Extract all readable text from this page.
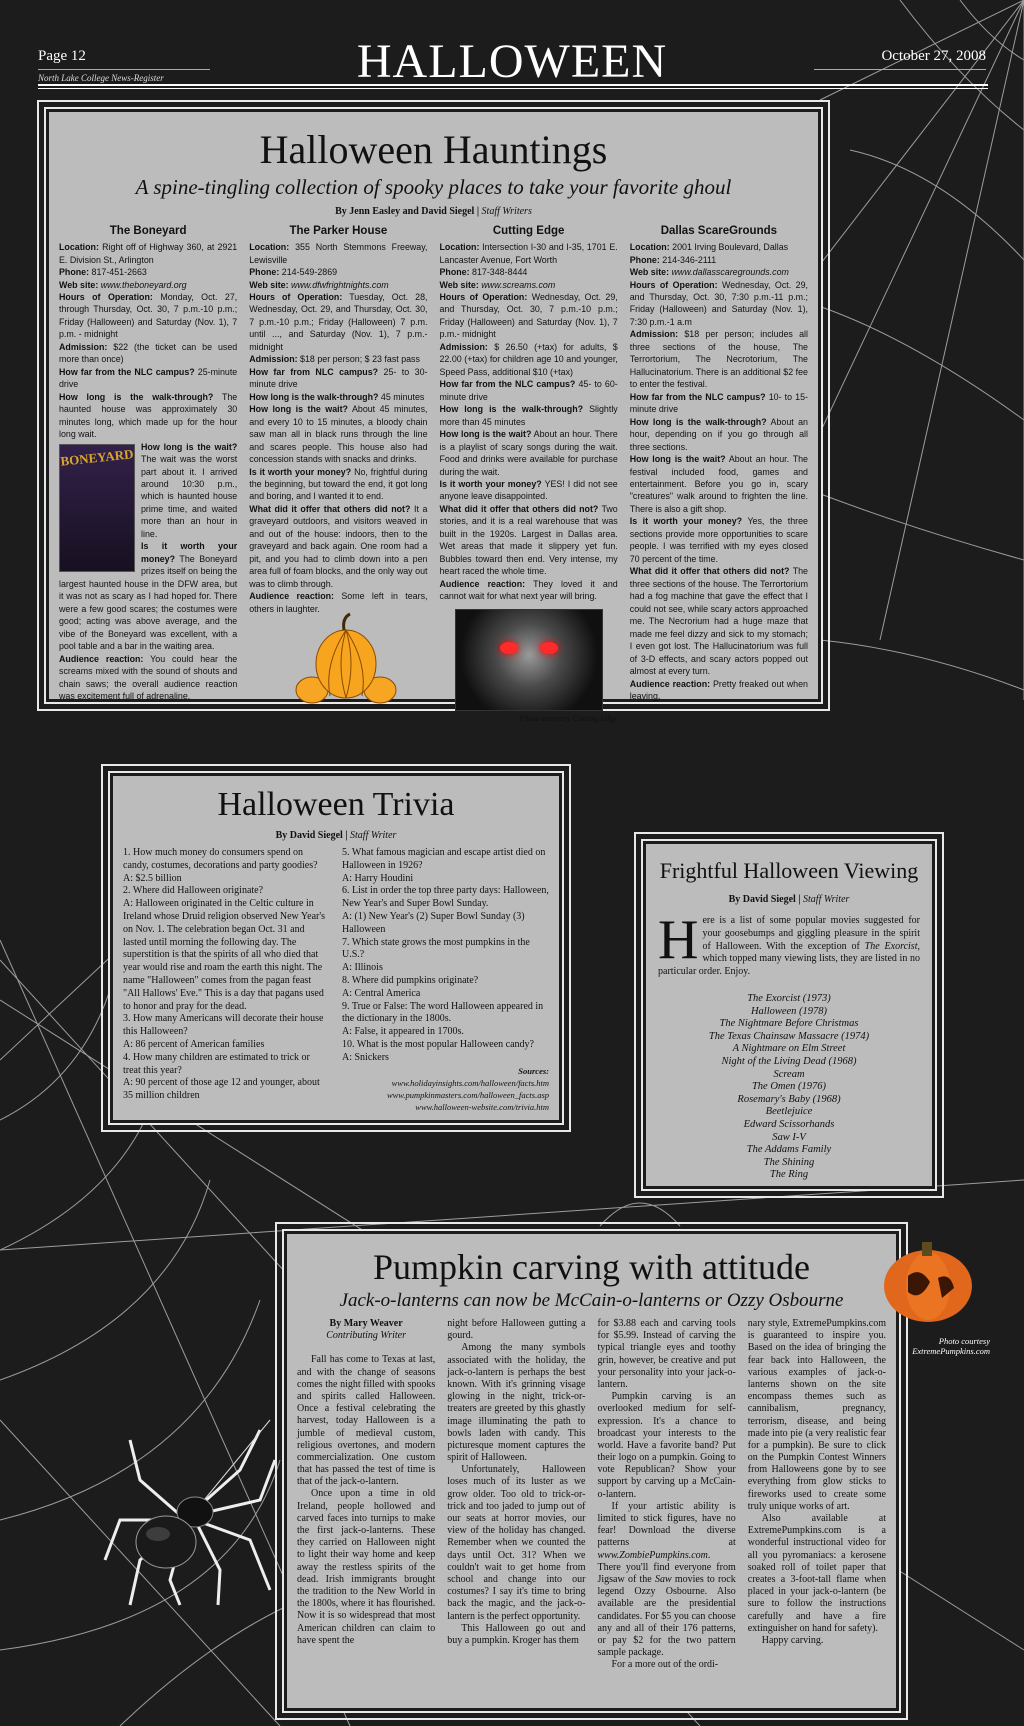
Page 12
North Lake College News-Register	HALLOWEEN	October 27, 2008
Halloween Hauntings
A spine-tingling collection of spooky places to take your favorite ghoul
By Jenn Easley and David Siegel | Staff Writers
The Boneyard

Location: Right off of Highway 360, at 2921 E. Division St., Arlington

Phone: 817-451-2663

Web site: www.theboneyard.org

Hours of Operation: Monday, Oct. 27, through Thursday, Oct. 30, 7 p.m.-10 p.m.; Friday (Halloween) and Saturday (Nov. 1), 7 p.m. - midnight

Admission: $22 (the ticket can be used more than once)

How far from the NLC campus? 25-minute drive

How long is the walk-through? The haunted house was approximately 30 minutes long, which made up for the hour long wait.

BONEYARD How long is the wait? The wait was the worst part about it. I arrived around 10:30 p.m., which is haunted house prime time, and waited more than an hour in line.

Is it worth your money? The Boneyard prizes itself on being the largest haunted house in the DFW area, but it was not as scary as I had hoped for. There were a few good scares; the costumes were good; acting was above average, and the vibe of the Boneyard was excellent, with a pool table and a bar in the waiting area.

Audience reaction: You could hear the screams mixed with the sound of shouts and chain saws; the overall audience reaction was excitement full of adrenaline.

The Parker House

Location: 355 North Stemmons Freeway, Lewisville

Phone: 214-549-2869

Web site: www.dfwfrightnights.com

Hours of Operation: Tuesday, Oct. 28, Wednesday, Oct. 29, and Thursday, Oct. 30, 7 p.m.-10 p.m.; Friday (Halloween) 7 p.m. until ..., and Saturday (Nov. 1), 7 p.m.- midnight

Admission: $18 per person; $ 23 fast pass

How far from NLC campus? 25- to 30-minute drive

How long is the walk-through? 45 minutes

How long is the wait? About 45 minutes, and every 10 to 15 minutes, a bloody chain saw man all in black runs through the line and scares people. This house also had concession stands with snacks and drinks.

Is it worth your money? No, frightful during the beginning, but toward the end, it got long and boring, and I wanted it to end.

What did it offer that others did not? It a graveyard outdoors, and visitors weaved in and out of the house: indoors, then to the graveyard and back again. One room had a pit, and you had to climb down into a pen area full of foam blocks, and the only way out was to climb through.

Audience reaction: Some left in tears, others in laughter.

Cutting Edge

Location: Intersection I-30 and I-35, 1701 E. Lancaster Avenue, Fort Worth

Phone: 817-348-8444

Web site: www.screams.com

Hours of Operation: Wednesday, Oct. 29, and Thursday, Oct. 30, 7 p.m.-10 p.m.; Friday (Halloween) and Saturday (Nov. 1), 7 p.m.- midnight

Admission: $ 26.50 (+tax) for adults, $ 22.00 (+tax) for children age 10 and younger, Speed Pass, additional $10 (+tax)

How far from the NLC campus? 45- to 60-minute drive

How long is the walk-through? Slightly more than 45 minutes

How long is the wait? About an hour. There is a playlist of scary songs during the wait. Food and drinks were available for purchase during the wait.

Is it worth your money? YES! I did not see anyone leave disappointed.

What did it offer that others did not? Two stories, and it is a real warehouse that was built in the 1920s. Largest in Dallas area. Wet areas that made it slippery yet fun. Bubbles toward then end. Very intense, my heart raced the whole time.

Audience reaction: They loved it and cannot wait for what next year will bring.

Photo courtesy Cutting Edge
Dallas ScareGrounds

Location: 2001 Irving Boulevard, Dallas

Phone: 214-346-2111

Web site: www.dallasscaregrounds.com

Hours of Operation: Wednesday, Oct. 29, and Thursday, Oct. 30, 7:30 p.m.-11 p.m.; Friday (Halloween) and Saturday (Nov. 1), 7:30 p.m.-1 a.m

Admission: $18 per person; includes all three sections of the house, The Terrortorium, The Necrotorium, The Hallucinatorium. There is an additional $2 fee to enter the festival.

How far from the NLC campus? 10- to 15-minute drive

How long is the walk-through? About an hour, depending on if you go through all three sections.

How long is the wait? About an hour. The festival included food, games and entertainment. Before you go in, scary "creatures" walk around to frighten the line. There is also a gift shop.

Is it worth your money? Yes, the three sections provide more opportunities to scare people. I was terrified with my eyes closed 70 percent of the time.

What did it offer that others did not? The three sections of the house. The Terrortorium had a fog machine that gave the effect that I could not see, while scary actors approached me. The Necrorium had a huge maze that made me feel dizzy and sick to my stomach; I even got lost. The Hallucinatorium was full of 3-D effects, and scary actors popped out almost at every turn.

Audience reaction: Pretty freaked out when leaving.

Halloween Trivia
By David Siegel | Staff Writer

1. How much money do consumers spend on candy, costumes, decorations and party goodies?

A: $2.5 billion

2. Where did Halloween originate?

A: Halloween originated in the Celtic culture in Ireland whose Druid religion observed New Year's on Nov. 1. The celebration began Oct. 31 and lasted until morning the following day. The superstition is that the spirits of all who died that year would rise and roam the earth this night. The name "Halloween" comes from the pagan feast "All Hallows' Eve." This is a day that pagans used to honor and pray for the dead.

3. How many Americans will decorate their house this Halloween?

A: 86 percent of American families

4. How many children are estimated to trick or treat this year?

A: 90 percent of those age 12 and younger, about 35 million children

5. What famous magician and escape artist died on Halloween in 1926?

A: Harry Houdini

6. List in order the top three party days: Halloween, New Year's and Super Bowl Sunday.

A: (1) New Year's (2) Super Bowl Sunday (3) Halloween

7. Which state grows the most pumpkins in the U.S.?

A: Illinois

8. Where did pumpkins originate?

A: Central America

9. True or False: The word Halloween appeared in the dictionary in the 1800s.

A: False, it appeared in 1700s.

10. What is the most popular Halloween candy?

A: Snickers

Sources:
www.holidayinsights.com/halloween/facts.htm
www.pumpkinmasters.com/halloween_facts.asp
www.halloween-website.com/trivia.htm
Frightful Halloween Viewing
By David Siegel | Staff Writer
Here is a list of some popular movies suggested for your goosebumps and giggling pleasure in the spirit of Halloween. With the exception of The Exorcist, which topped many viewing lists, they are listed in no particular order. Enjoy.
The Exorcist (1973)
Halloween (1978)
The Nightmare Before Christmas
The Texas Chainsaw Massacre (1974)
A Nightmare on Elm Street
Night of the Living Dead (1968)
Scream
The Omen (1976)
Rosemary's Baby (1968)
Beetlejuice
Edward Scissorhands
Saw I-V
The Addams Family
The Shining
The Ring
Pumpkin carving with attitude
Jack-o-lanterns can now be McCain-o-lanterns or Ozzy Osbourne
By Mary Weaver
Contributing Writer

Fall has come to Texas at last, and with the change of seasons comes the night filled with spooks and spirits called Halloween. Once a festival celebrating the harvest, today Halloween is a jumble of medieval custom, religious overtones, and modern commercialization. One custom that has passed the test of time is that of the jack-o-lantern.

Once upon a time in old Ireland, people hollowed and carved faces into turnips to make the first jack-o-lanterns. These they carried on Halloween night to light their way home and keep away the restless spirits of the dead. Irish immigrants brought the tradition to the New World in the 1800s, where it has flourished. Now it is so widespread that most American children can claim to have spent the

night before Halloween gutting a gourd.

Among the many symbols associated with the holiday, the jack-o-lantern is perhaps the best known. With it's grinning visage glowing in the night, trick-or-treaters are greeted by this ghastly image illuminating the path to bowls laden with candy. This picturesque moment captures the spirit of Halloween.

Unfortunately, Halloween loses much of its luster as we grow older. Too old to trick-or-trick and too jaded to jump out of our seats at horror movies, our view of the holiday has changed. Remember when we counted the days until Oct. 31? When we couldn't wait to get home from school and change into our costumes? I say it's time to bring back the magic, and the jack-o-lantern is the perfect opportunity.

This Halloween go out and buy a pumpkin. Kroger has them

for $3.88 each and carving tools for $5.99. Instead of carving the typical triangle eyes and toothy grin, however, be creative and put your personality into your jack-o-lantern.

Pumpkin carving is an overlooked medium for self-expression. It's a chance to broadcast your interests to the world. Have a favorite band? Put their logo on a pumpkin. Going to vote Republican? Show your support by carving up a McCain-o-lantern.

If your artistic ability is limited to stick figures, have no fear! Download the diverse patterns at www.ZombiePumpkins.com. There you'll find everyone from Jigsaw of the Saw movies to rock legend Ozzy Osbourne. Also available are the presidential candidates. For $5 you can choose any and all of their 176 patterns, or pay $2 for the two pattern sample package.

For a more out of the ordi-

nary style, ExtremePumpkins.com is guaranteed to inspire you. Based on the idea of bringing the fear back into Halloween, the various examples of jack-o-lanterns shown on the site encompass themes such as cannibalism, pregnancy, terrorism, disease, and being made into pie (a very realistic fear for a pumpkin). Be sure to click on the Pumpkin Contest Winners from Halloweens gone by to see everything from glow sticks to fireworks used to create some truly unique works of art.

Also available at ExtremePumpkins.com is a wonderful instructional video for all you pyromaniacs: a kerosene soaked roll of toilet paper that creates a 3-foot-tall flame when placed in your jack-o-lantern (be sure to follow the instructions carefully and have a fire extinguisher on hand for safety).

Happy carving.

Photo courtesy ExtremePumpkins.com
